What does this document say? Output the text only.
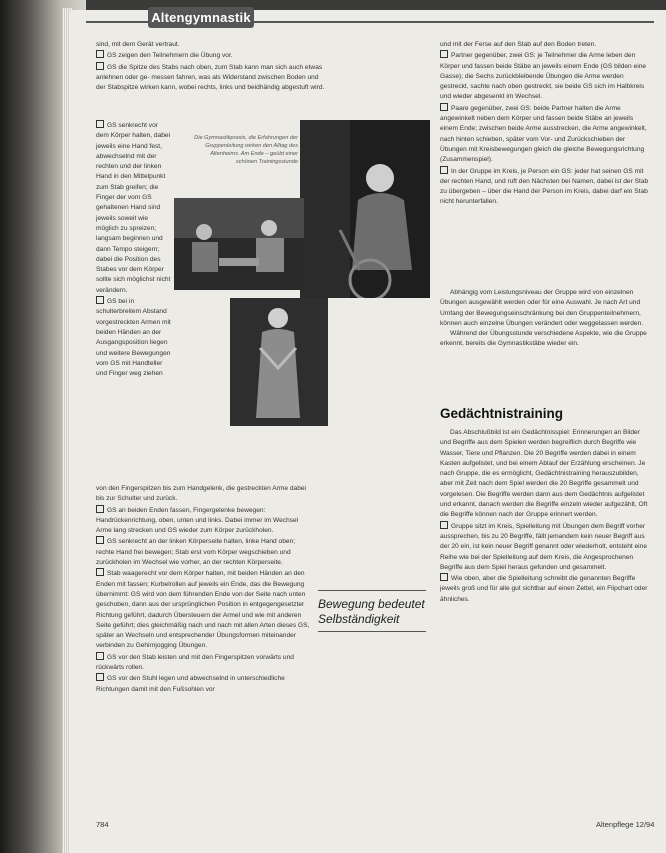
Altengymnastik

sind, mit dem Gerät vertraut.

GS zeigen den Teilnehmern die Übung vor.

GS die Spitze des Stabs nach oben, zum Stab kann man sich auch etwas anlehnen oder ge- messen fahren, was als Widerstand zwischen Boden und der Stabspitze wirken kann, wobei rechts, links und beidhändig abgestuft wird.

GS senkrecht vor dem Körper halten, dabei jeweils eine Hand fest, abwechselnd mit der rechten und der linken Hand in den Mittelpunkt zum Stab greifen; die Finger der vom GS gehaltenen Hand sind jeweils soweit wie möglich zu spreizen; langsam beginnen und dann Tempo steigern; dabei die Position des Stabes vor dem Körper sollte sich möglichst nicht verändern.

GS bei in schulterbreitem Abstand vorgestreckten Armen mit beiden Händen an der Ausgangsposition liegen und weitere Bewegungen vom GS mit Handteller und Finger weg ziehen

von den Fingerspitzen bis zum Handgelenk, die gestreckten Arme dabei bis zur Schulter und zurück.

GS an beiden Enden fassen, Fingergelenke bewegen: Handrückenrichtung, oben, unten und links. Dabei immer im Wechsel Arme lang strecken und GS wieder zum Körper zurückholen.

GS senkrecht an der linken Körperseite halten, linke Hand oben; rechte Hand frei bewegen; Stab erst vom Körper wegschieben und zurückholen im Wechsel wie vorher, an der rechten Körperseite.

Stab waagerecht vor dem Körper halten, mit beiden Händen an den Enden mit fassen; Kurbelrollen auf jeweils ein Ende, das die Bewegung übernimmt: GS wird von dem führenden Ende von der Seite nach unten geschoben, dann aus der ursprünglichen Position in entgegengesetzter Richtung geführt, dadurch Übersteuern der Armel und wie mit anderen Seite geführt; dies gleichmäßig nach und nach mit allen Arten dieses GS, später an Wechseln und entsprechender Übungsformen miteinander verbinden zu Gehirnjogging Übungen.

GS vor den Stab leisten und mit den Fingerspitzen vorwärts und rückwärts rollen.

GS vor den Stuhl legen und abwechselnd in unterschiedliche Richtungen damit mit den Fußsohlen vor

Die Gymnastikpraxis, die Erfahrungen der Gruppenleitung wirken den Alltag des Altenheims. Am Ende – geübt einer schönen Trainingsstunde
Bewegung bedeutet Selbständigkeit

und mit der Ferse auf den Stab auf den Boden treten.

Partner gegenüber, zwei GS: je Teilnehmer die Arme leben den Körper und fassen beide Stäbe an jeweils einem Ende (GS bilden eine Gasse); die Sechs zurückbleibende Übungen die Arme werden gestreckt, sachte nach oben gestreckt, sie beide GS sich im Halbkreis und wieder abgesenkt im Wechsel.

Paare gegenüber, zwei GS: beide Partner halten die Arme angewinkelt neben dem Körper und fassen beide Stäbe an jeweils einem Ende; zwischen beide Arme ausstrecken, die Arme angewinkelt, nach hinten schieben, später vom Vor- und Zurückschieben der Übungen mit Kreisbewegungen gleich die gleiche Bewegungsrichtung (Zusammenspiel).

In der Gruppe im Kreis, je Person ein GS: jeder hat seinen GS mit der rechten Hand, und ruft den Nächsten bei Namen, dabei ist der Stab zu übergeben – über die Hand der Person im Kreis, dabei darf ein Stab nicht herunterfallen.

Abhängig vom Leistungsniveau der Gruppe wird von einzelnen Übungen ausgewählt werden oder für eine Auswahl. Je nach Art und Umfang der Bewegungseinschränkung bei den Gruppenteilnehmern, können auch einzelne Übungen verändert oder weggelassen werden.

Während der Übungsstunde verschiedene Aspekte, wie die Gruppe erkennt, bereits die Gymnastikstäbe wieder ein.

Gedächtnistraining

Das Abschlußbild ist ein Gedächtnisspiel: Erinnerungen an Bilder und Begriffe aus dem Spielen werden begreiflich durch Begriffe wie Wasser, Tiere und Pflanzen. Die 20 Begriffe werden dabei in einem Kasten aufgelistet, und bei einem Ablauf der Erzählung erscheinen. Je nach Gruppe, die es ermöglicht, Gedächtnistraining herauszubilden, aber mit Zeit nach dem Spiel werden die 20 Begriffe gesammelt und vorgelesen. Die Begriffe werden dann aus dem Gedächtnis aufgelistet und erkannt, danach werden die Begriffe einzeln wieder aufgezählt, Oft die Begriffe können nach der Gruppe erinnert werden.

Gruppe sitzt im Kreis, Spielleitung mit Übungen dem Begriff vorher aussprechen, bis zu 20 Begriffe, fällt jemandem kein neuer Begriff aus der 20 ein, ist kein neuer Begriff genannt oder wiederholt, entsteht eine Reihe wie bei der Spielleitung auf dem Kreis, die Angesprochenen Begriffe aus dem Spiel heraus gefunden und gesammelt.

Wie oben, aber die Spielleitung schreibt die genannten Begriffe jeweils groß und für alle gut sichtbar auf einen Zettel, ein Flipchart oder ähnliches.

784	Altenpflege 12/94
